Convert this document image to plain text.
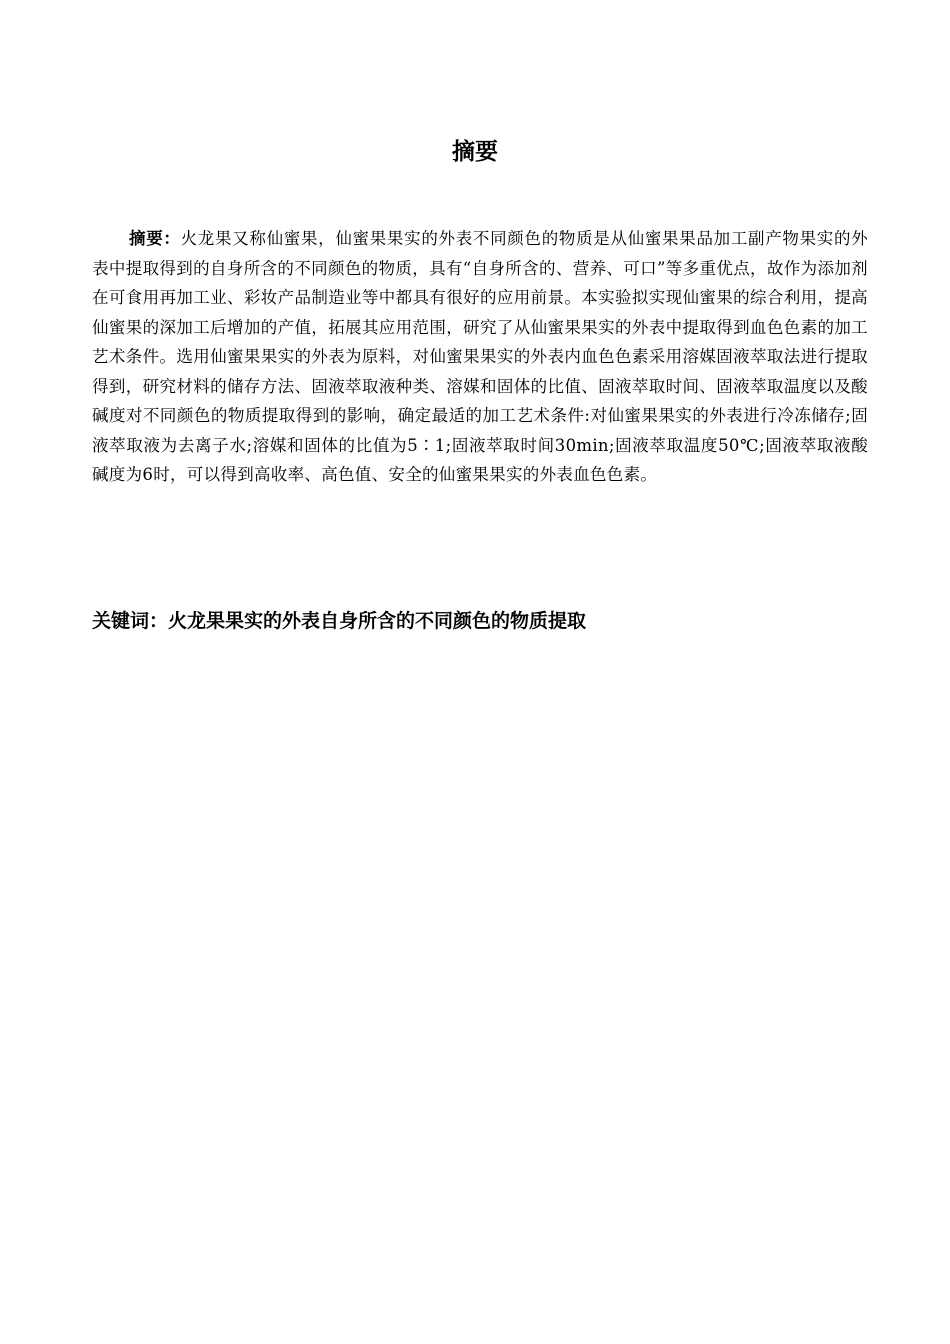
摘要
摘要：火龙果又称仙蜜果，仙蜜果果实的外表不同颜色的物质是从仙蜜果果品加工副产物果实的外表中提取得到的自身所含的不同颜色的物质，具有“自身所含的、营养、可口”等多重优点，故作为添加剂在可食用再加工业、彩妆产品制造业等中都具有很好的应用前景。本实验拟实现仙蜜果的综合利用，提高仙蜜果的深加工后增加的产值，拓展其应用范围，研究了从仙蜜果果实的外表中提取得到血色色素的加工艺术条件。选用仙蜜果果实的外表为原料，对仙蜜果果实的外表内血色色素采用溶媒固液萃取法进行提取得到，研究材料的储存方法、固液萃取液种类、溶媒和固体的比值、固液萃取时间、固液萃取温度以及酸碱度对不同颜色的物质提取得到的影响，确定最适的加工艺术条件:对仙蜜果果实的外表进行冷冻储存;固液萃取液为去离子水;溶媒和固体的比值为5∶1;固液萃取时间30min;固液萃取温度50℃;固液萃取液酸碱度为6时，可以得到高收率、高色值、安全的仙蜜果果实的外表血色色素。
关键词：火龙果果实的外表自身所含的不同颜色的物质提取
